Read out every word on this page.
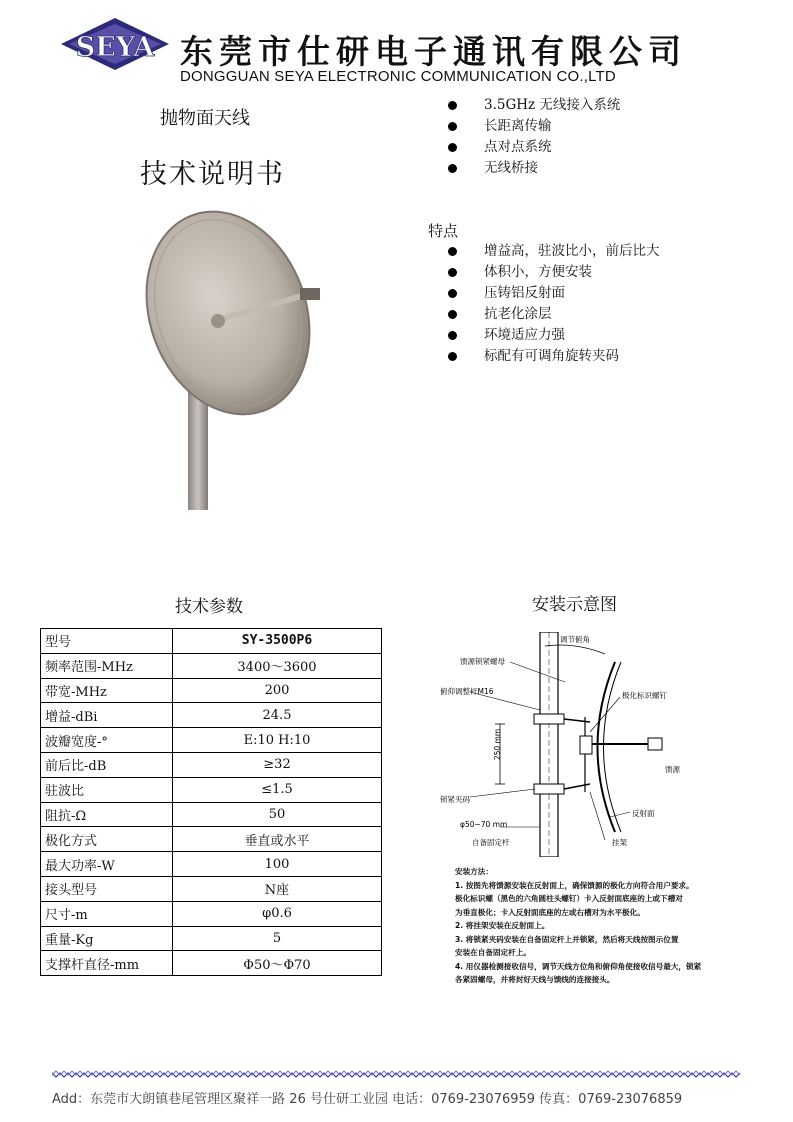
SEYA 东莞市仕研电子通讯有限公司
DONGGUAN SEYA ELECTRONIC COMMUNICATION CO.,LTD
抛物面天线
技术说明书
3.5GHz 无线接入系统
长距离传输
点对点系统
无线桥接
特点
增益高，驻波比小，前后比大
体积小，方便安装
压铸铝反射面
抗老化涂层
环境适应力强
标配有可调角旋转夹码
技术参数	安装示意图
型号	SY-3500P6
频率范围-MHz	3400～3600
带宽-MHz	200
增益-dBi	24.5
波瓣宽度-°	E:10 H:10
前后比-dB	≥32
驻波比	≤1.5
阻抗-Ω	50
极化方式	垂直或水平
最大功率-W	100
接头型号	N座
尺寸-m	φ0.6
重量-Kg	5
支撑杆直径-mm	Φ50～Φ70
调节俯角
馈源锁紧螺母
俯仰调整杆M16	极化标识螺钉
250 mm
馈源
锁紧夹码
反射面
φ50~70 mm
自备固定杆	挂架
安装方法：
1. 按图先将馈源安装在反射面上，确保馈源的极化方向符合用户要求。
极化标识螺（黑色的六角圆柱头螺钉）卡入反射面底座的上或下槽对
为垂直极化；卡入反射面底座的左或右槽对为水平极化。
2. 将挂架安装在反射面上。
3. 将锁紧夹码安装在自备固定杆上并锁紧，然后将天线按图示位置
安装在自备固定杆上。
4. 用仪器检测接收信号，调节天线方位角和俯仰角使接收信号最大，锁紧
各紧固螺母，并将封好天线与馈线的连接接头。
Add：东莞市大朗镇巷尾管理区聚祥一路 26 号仕研工业园 电话：0769-23076959 传真：0769-23076859
